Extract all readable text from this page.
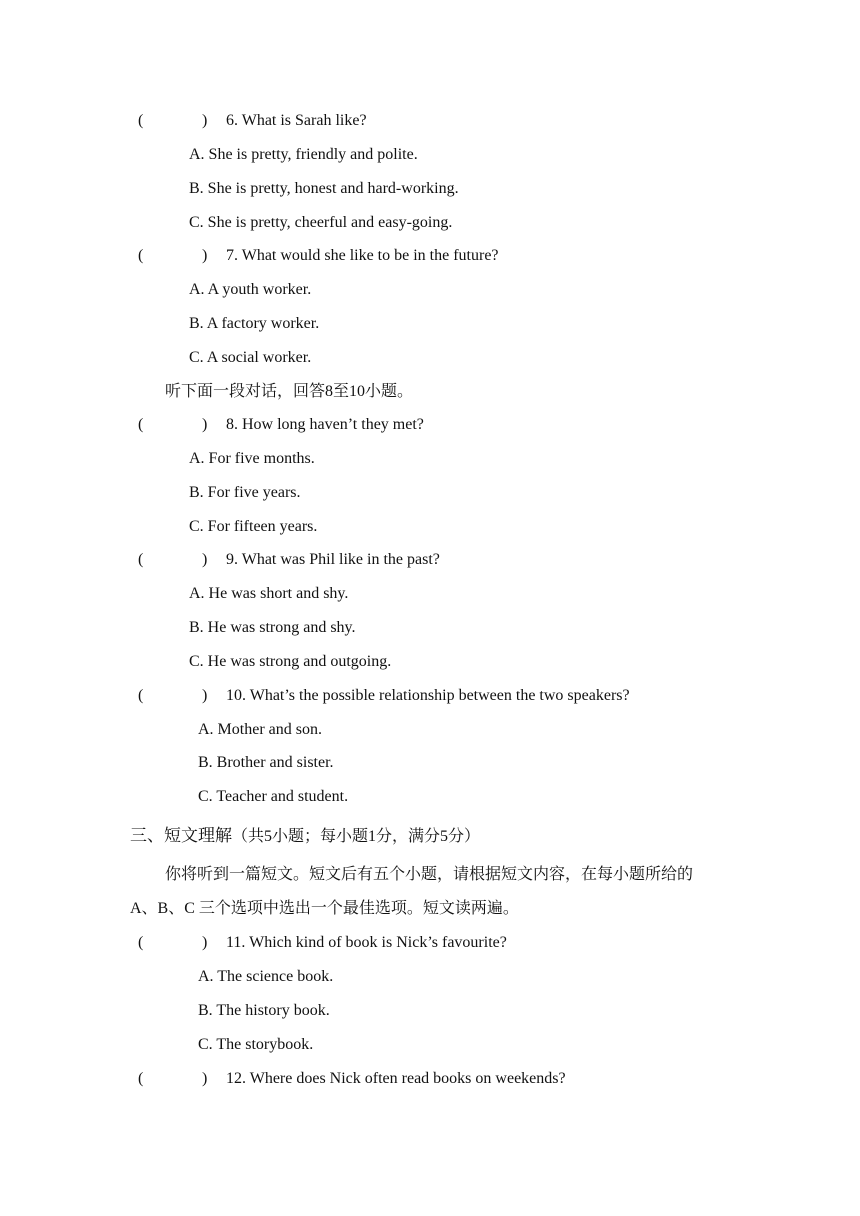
(	) 6. What is Sarah like?
A. She is pretty, friendly and polite.
B. She is pretty, honest and hard-working.
C. She is pretty, cheerful and easy-going.
(	) 7. What would she like to be in the future?
A. A youth worker.
B. A factory worker.
C. A social worker.
听下面一段对话，回答8至10小题。
(	) 8. How long haven’t they met?
A. For five months.
B. For five years.
C. For fifteen years.
(	) 9. What was Phil like in the past?
A. He was short and shy.
B. He was strong and shy.
C. He was strong and outgoing.
(	) 10. What’s the possible relationship between the two speakers?
A. Mother and son.
B. Brother and sister.
C. Teacher and student.
三、短文理解（共5小题；每小题1分，满分5分）
你将听到一篇短文。短文后有五个小题，请根据短文内容，在每小题所给的
A、B、C 三个选项中选出一个最佳选项。短文读两遍。
(	) 11. Which kind of book is Nick’s favourite?
A. The science book.
B. The history book.
C. The storybook.
(	) 12. Where does Nick often read books on weekends?
